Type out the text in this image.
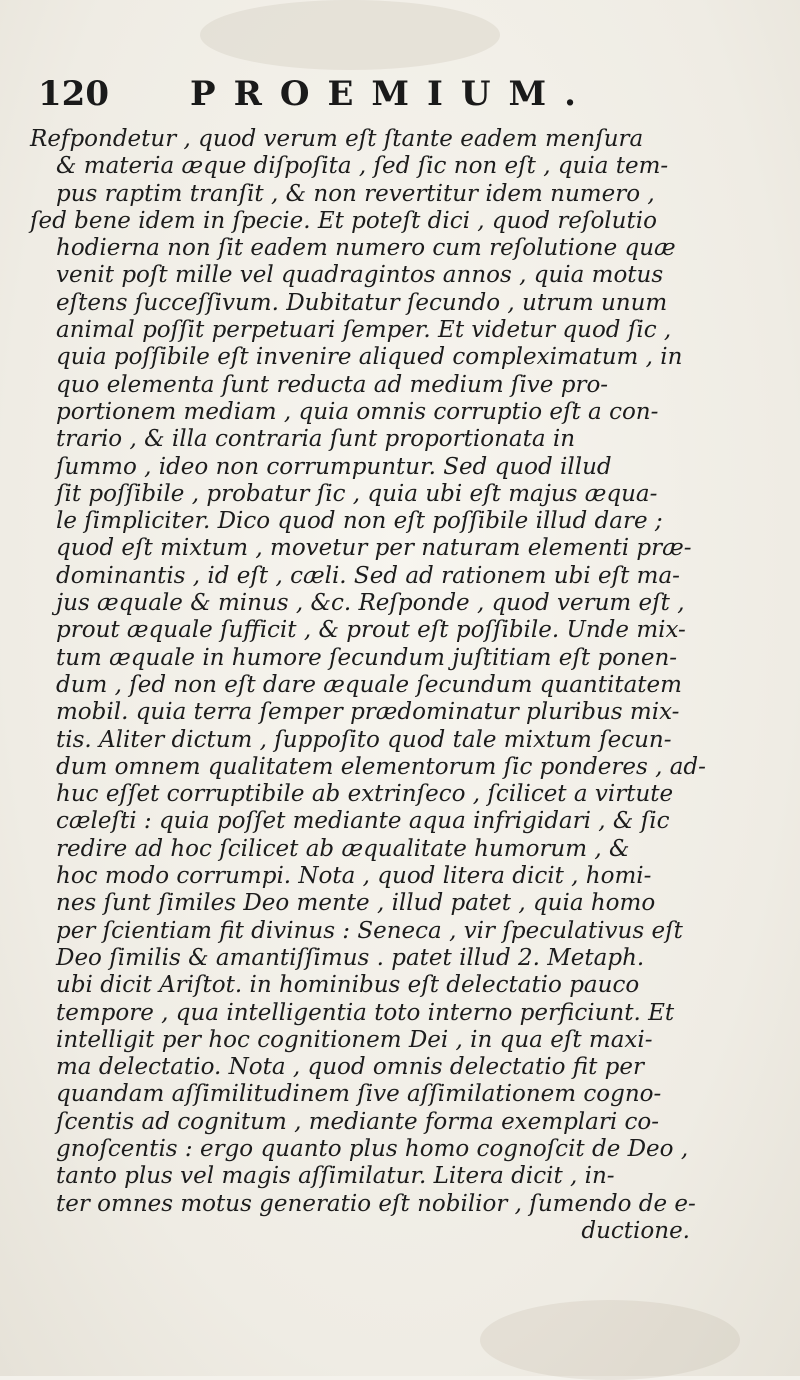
120 PROEMIUM.
Refpondetur , quod verum eſt ſtante eadem menſura
& materia æque diſpoſita , ſed ſic non eſt , quia tem-
pus raptim tranſit , & non revertitur idem numero ,
ſed bene idem in ſpecie. Et poteſt dici , quod reſolutio
hodierna non ſit eadem numero cum reſolutione quæ
venit poſt mille vel quadragintos annos , quia motus
eſtens ſucceſſivum. Dubitatur ſecundo , utrum unum
animal poſſit perpetuari ſemper. Et videtur quod ſic ,
quia poſſibile eſt invenire aliqued compleximatum , in
quo elementa ſunt reducta ad medium ſive pro-
portionem mediam , quia omnis corruptio eſt a con-
trario , & illa contraria ſunt proportionata in
ſummo , ideo non corrumpuntur. Sed quod illud
ſit poſſibile , probatur ſic , quia ubi eſt majus æqua-
le ſimpliciter. Dico quod non eſt poſſibile illud dare ;
quod eſt mixtum , movetur per naturam elementi præ-
dominantis , id eſt , cæli. Sed ad rationem ubi eſt ma-
jus æquale & minus , &c. Reſponde , quod verum eſt ,
prout æquale ſufficit , & prout eſt poſſibile. Unde mix-
tum æquale in humore ſecundum juſtitiam eſt ponen-
dum , ſed non eſt dare æquale ſecundum quantitatem
mobil. quia terra ſemper prædominatur pluribus mix-
tis. Aliter dictum , ſuppoſito quod tale mixtum ſecun-
dum omnem qualitatem elementorum ſic ponderes , ad-
huc eſſet corruptibile ab extrinſeco , ſcilicet a virtute
cæleſti : quia poſſet mediante aqua infrigidari , & ſic
redire ad hoc ſcilicet ab æqualitate humorum , &
hoc modo corrumpi. Nota , quod litera dicit , homi-
nes ſunt ſimiles Deo mente , illud patet , quia homo
per ſcientiam fit divinus : Seneca , vir ſpeculativus eſt
Deo ſimilis & amantiſſimus . patet illud 2. Metaph.
ubi dicit Ariſtot. in hominibus eſt delectatio pauco
tempore , qua intelligentia toto interno perficiunt. Et
intelligit per hoc cognitionem Dei , in qua eſt maxi-
ma delectatio. Nota , quod omnis delectatio fit per
quandam aſſimilitudinem ſive aſſimilationem cogno-
ſcentis ad cognitum , mediante forma exemplari co-
gnoſcentis : ergo quanto plus homo cognoſcit de Deo ,
tanto plus vel magis aſſimilatur. Litera dicit , in-
ter omnes motus generatio eſt nobilior , ſumendo de e-
ductione.
